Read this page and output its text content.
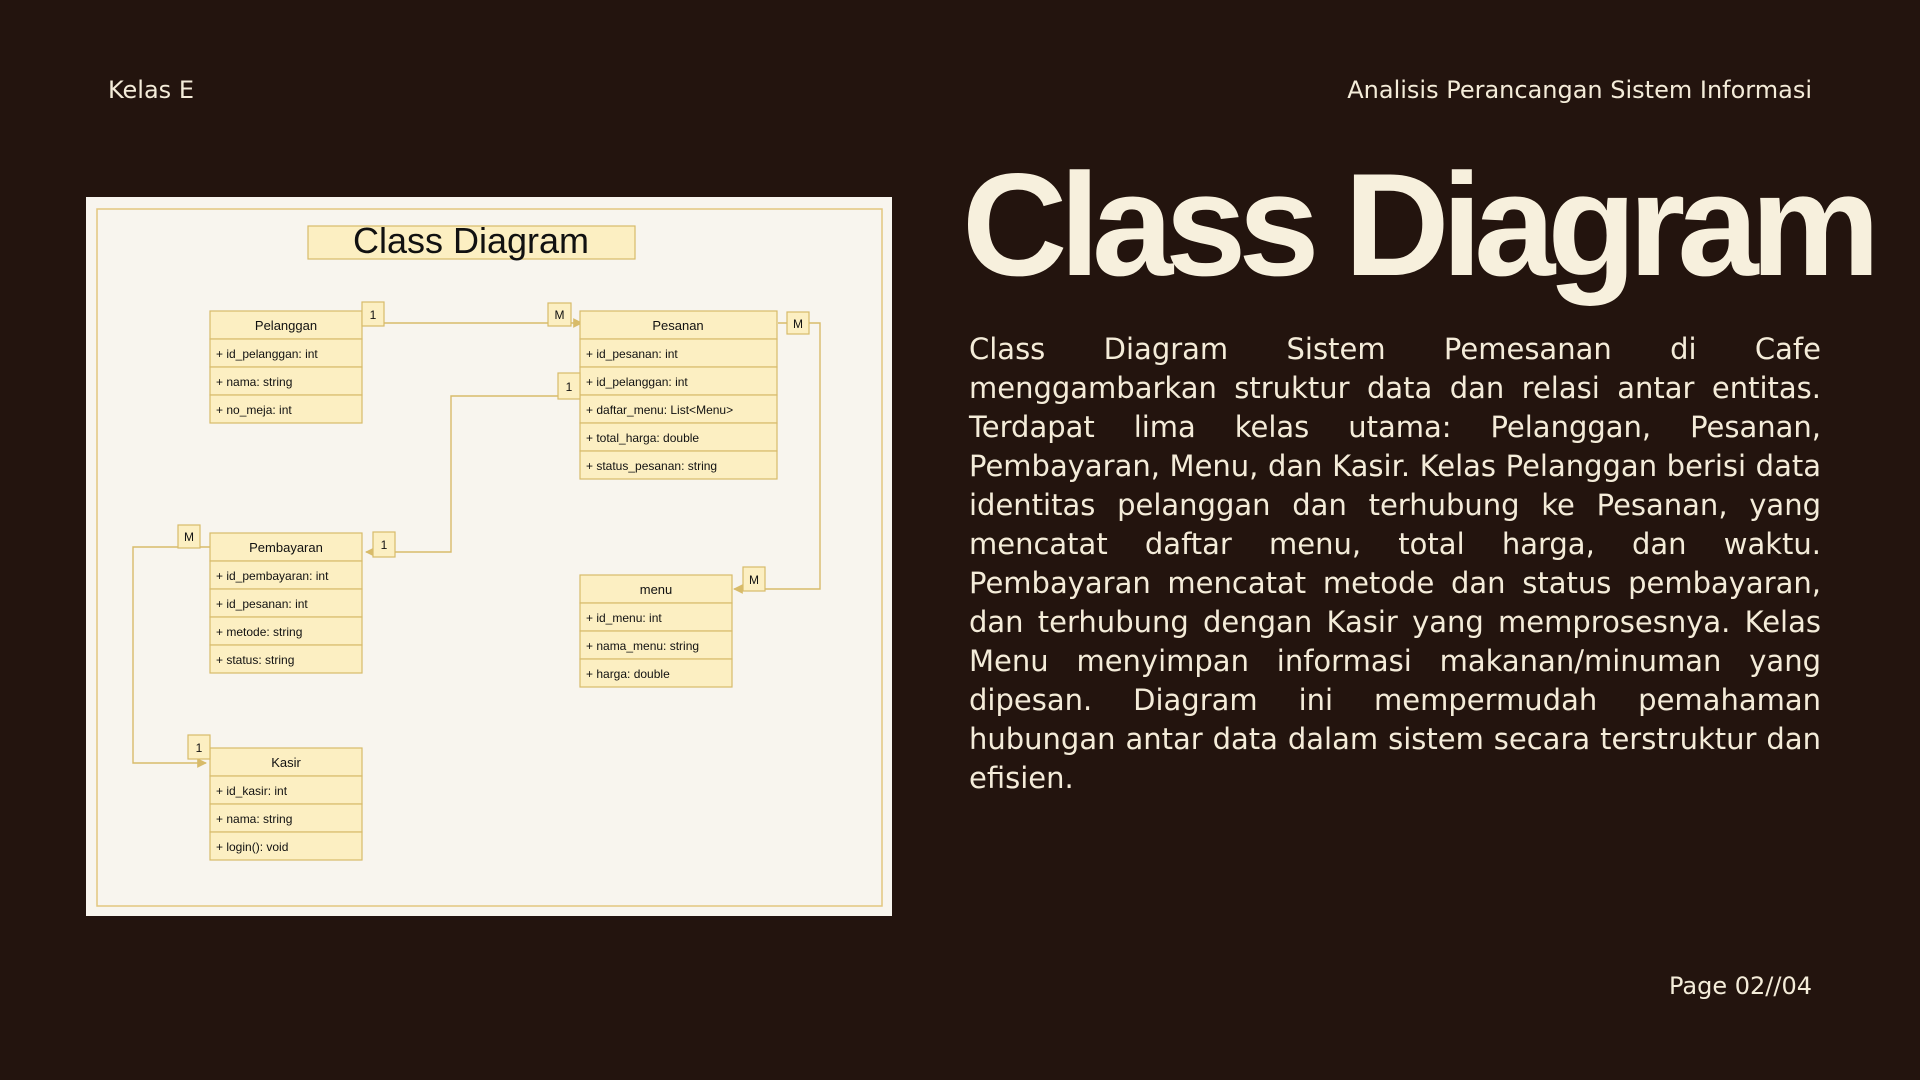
Kelas E	Analisis Perancangan Sistem Informasi
Class Diagram

Class Diagram Sistem Pemesanan di Cafe menggambarkan struktur data dan relasi antar entitas. Terdapat lima kelas utama: Pelanggan, Pesanan, Pembayaran, Menu, dan Kasir. Kelas Pelanggan berisi data identitas pelanggan dan terhubung ke Pesanan, yang mencatat daftar menu, total harga, dan waktu. Pembayaran mencatat metode dan status pembayaran, dan terhubung dengan Kasir yang memprosesnya. Kelas Menu menyimpan informasi makanan/minuman yang dipesan. Diagram ini mempermudah pemahaman hubungan antar data dalam sistem secara terstruktur dan efisien.

Class Diagram
Pelanggan
+ id_pelanggan: int
+ nama: string
+ no_meja: int
Pesanan
+ id_pesanan: int
+ id_pelanggan: int
+ daftar_menu: List<Menu>
+ total_harga: double
+ status_pesanan: string
Pembayaran
+ id_pembayaran: int
+ id_pesanan: int
+ metode: string
+ status: string
menu
+ id_menu: int
+ nama_menu: string
+ harga: double
Kasir
+ id_kasir: int
+ nama: string
+ login(): void
1	M
M
1
1
M
M
1
Page 02//04
